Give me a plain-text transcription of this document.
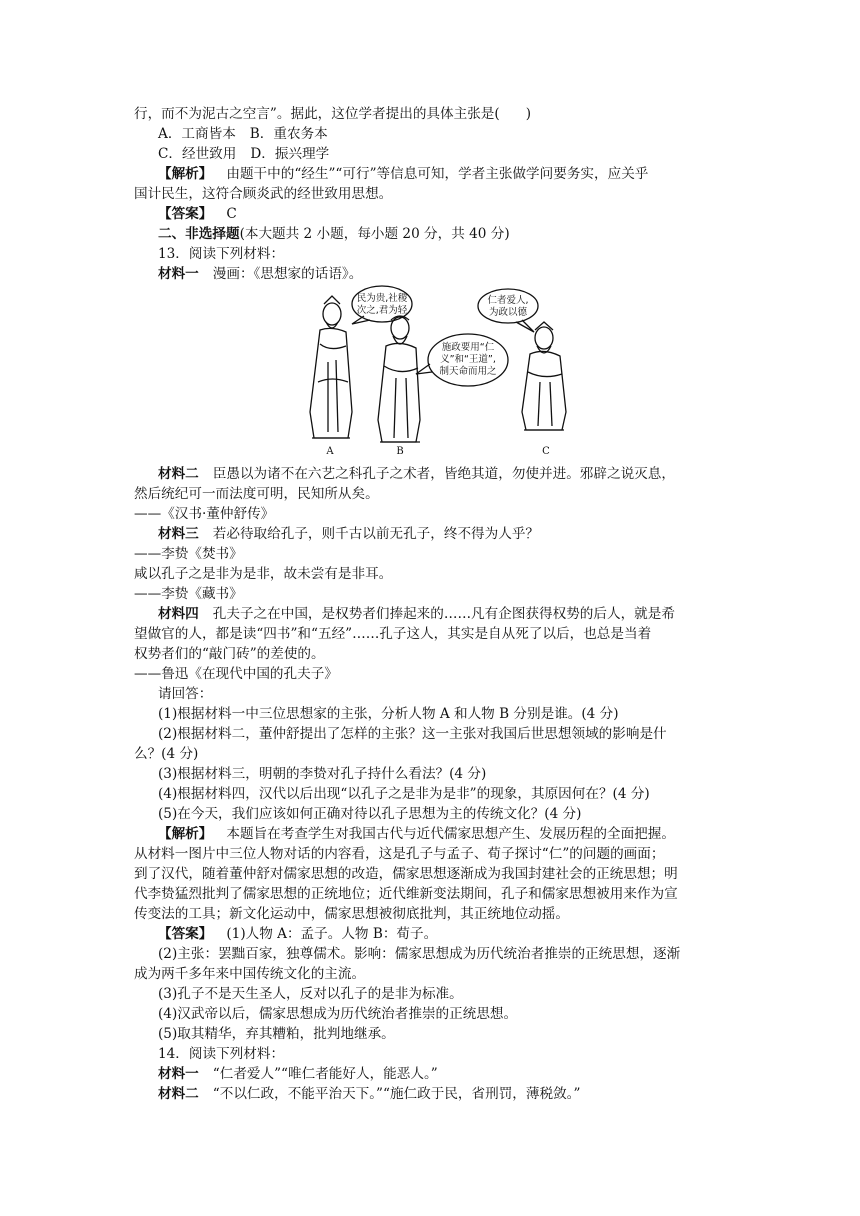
行，而不为泥古之空言”。据此，这位学者提出的具体主张是( )
A．工商皆本 B．重农务本
C．经世致用 D．振兴理学
【解析】 由题干中的“经生”“可行”等信息可知，学者主张做学问要务实，应关乎
国计民生，这符合顾炎武的经世致用思想。
【答案】 C
二、非选择题(本大题共 2 小题，每小题 20 分，共 40 分)
13．阅读下列材料：
材料一 漫画：《思想家的话语》。
民为贵,社稷
次之,君为轻
仁者爱人,
为政以德
施政要用“仁
义”和“王道”,
制天命而用之
A	B	C
材料二 臣愚以为诸不在六艺之科孔子之术者，皆绝其道，勿使并进。邪辟之说灭息，
然后统纪可一而法度可明，民知所从矣。
——《汉书·董仲舒传》
材料三 若必待取给孔子，则千古以前无孔子，终不得为人乎？
——李贽《焚书》
咸以孔子之是非为是非，故未尝有是非耳。
——李贽《藏书》
材料四 孔夫子之在中国，是权势者们捧起来的……凡有企图获得权势的后人，就是希
望做官的人，都是读“四书”和“五经”……孔子这人，其实是自从死了以后，也总是当着
权势者们的“敲门砖”的差使的。
——鲁迅《在现代中国的孔夫子》
请回答：
(1)根据材料一中三位思想家的主张，分析人物 A 和人物 B 分别是谁。(4 分)
(2)根据材料二，董仲舒提出了怎样的主张？这一主张对我国后世思想领域的影响是什
么？(4 分)
(3)根据材料三，明朝的李贽对孔子持什么看法？(4 分)
(4)根据材料四，汉代以后出现“以孔子之是非为是非”的现象，其原因何在？(4 分)
(5)在今天，我们应该如何正确对待以孔子思想为主的传统文化？(4 分)
【解析】 本题旨在考查学生对我国古代与近代儒家思想产生、发展历程的全面把握。
从材料一图片中三位人物对话的内容看，这是孔子与孟子、荀子探讨“仁”的问题的画面；
到了汉代，随着董仲舒对儒家思想的改造，儒家思想逐渐成为我国封建社会的正统思想；明
代李贽猛烈批判了儒家思想的正统地位；近代维新变法期间，孔子和儒家思想被用来作为宣
传变法的工具；新文化运动中，儒家思想被彻底批判，其正统地位动摇。
【答案】 (1)人物 A：孟子。人物 B：荀子。
(2)主张：罢黜百家，独尊儒术。影响：儒家思想成为历代统治者推崇的正统思想，逐渐
成为两千多年来中国传统文化的主流。
(3)孔子不是天生圣人，反对以孔子的是非为标准。
(4)汉武帝以后，儒家思想成为历代统治者推崇的正统思想。
(5)取其精华，弃其糟粕，批判地继承。
14．阅读下列材料：
材料一 “仁者爱人”“唯仁者能好人，能恶人。”
材料二 “不以仁政，不能平治天下。”“施仁政于民，省刑罚，薄税敛。”
